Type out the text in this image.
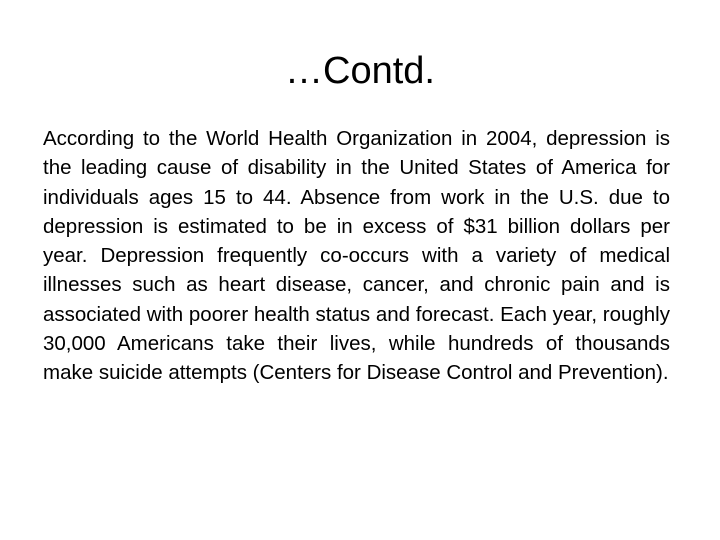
…Contd.
According to the World Health Organization in 2004, depression is the leading cause of disability in the United States of America for individuals ages 15 to 44. Absence from work in the U.S. due to depression is estimated to be in excess of $31 billion dollars per year. Depression frequently co-occurs with a variety of medical illnesses such as heart disease, cancer, and chronic pain and is associated with poorer health status and forecast. Each year, roughly 30,000 Americans take their lives, while hundreds of thousands make suicide attempts (Centers for Disease Control and Prevention).
